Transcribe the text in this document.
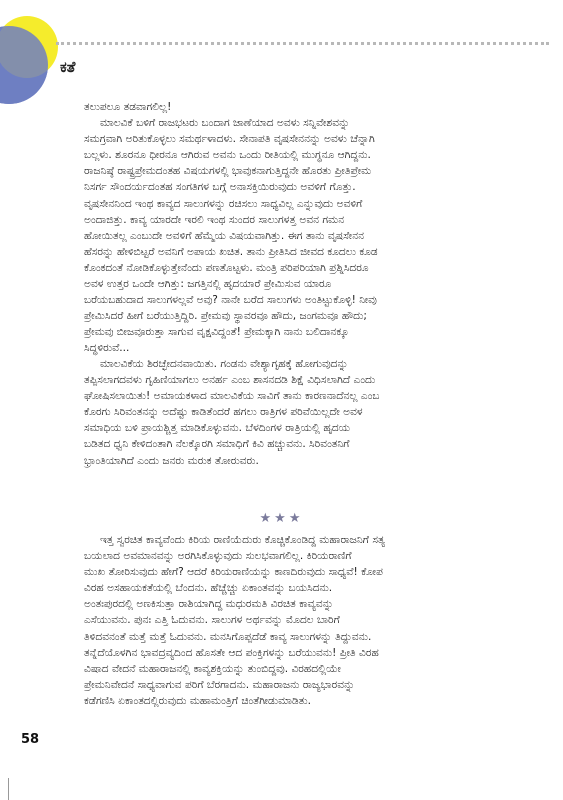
ಕತೆ
ತಲುಪಲೂ ತಡವಾಗಲಿಲ್ಲ!
ಮಾಲವಿಕೆ ಬಳಿಗೆ ರಾಜಭಟರು ಬಂದಾಗ ಜಾಣೆಯಾದ ಅವಳು ಸನ್ನಿವೇಶವನ್ನು
ಸಮಗ್ರವಾಗಿ ಅರಿತುಕೊಳ್ಳಲು ಸಮರ್ಥಳಾದಳು. ಸೇನಾಪತಿ ವೃಷಸೇನನನ್ನು ಅವಳು ಚೆನ್ನಾಗಿ
ಬಲ್ಲಳು. ಶೂರನೂ ಧೀರನೂ ಆಗಿರುವ ಅವನು ಒಂದು ರೀತಿಯಲ್ಲಿ ಮುಗ್ಧನೂ ಆಗಿದ್ದನು.
ರಾಜನಿಷ್ಠೆ ರಾಷ್ಟ್ರಪ್ರೇಮದಂತಹ ವಿಷಯಗಳಲ್ಲಿ ಭಾವುಕನಾಗುತ್ತಿದ್ದನೇ ಹೊರತು ಪ್ರೀತಿಪ್ರೇಮ
ನಿಸರ್ಗ ಸೌಂದರ್ಯದಂತಹ ಸಂಗತಿಗಳ ಬಗ್ಗೆ ಅನಾಸಕ್ತಿಯಿರುವುದು ಅವಳಿಗೆ ಗೊತ್ತು.
ವೃಷಸೇನನಿಂದ ಇಂಥ ಕಾವ್ಯದ ಸಾಲುಗಳನ್ನು ರಚಿಸಲು ಸಾಧ್ಯವಿಲ್ಲ ಎನ್ನುವುದು ಅವಳಿಗೆ
ಅಂದಾಜಿತ್ತು. ಕಾವ್ಯ ಯಾರದೇ ಇರಲಿ ಇಂಥ ಸುಂದರ ಸಾಲುಗಳತ್ತ ಅವನ ಗಮನ
ಹೋಯಿತಲ್ಲ ಎಂಬುದೇ ಅವಳಿಗೆ ಹೆಮ್ಮೆಯ ವಿಷಯವಾಗಿತ್ತು. ಈಗ ತಾನು ವೃಷಸೇನನ
ಹೆಸರನ್ನು ಹೇಳಿಬಿಟ್ಟರೆ ಅವನಿಗೆ ಅಪಾಯ ಖಚಿತ. ತಾನು ಪ್ರೀತಿಸಿದ ಜೀವದ ಕೂದಲು ಕೂಡ
ಕೊಂಕದಂತೆ ನೋಡಿಕೊಳ್ಳುತ್ತೇನೆಂದು ಪಣತೊಟ್ಟಳು. ಮಂತ್ರಿ ಪರಿಪರಿಯಾಗಿ ಪ್ರಶ್ನಿಸಿದರೂ
ಅವಳ ಉತ್ತರ ಒಂದೇ ಆಗಿತ್ತು: ಜಗತ್ತಿನಲ್ಲಿ ಹೃದಯಾರೆ ಪ್ರೇಮಿಸುವ ಯಾರೂ
ಬರೆಯಬಹುದಾದ ಸಾಲುಗಳಲ್ಲವೆ ಅವು? ನಾನೇ ಬರೆದ ಸಾಲುಗಳು ಅಂತಿಟ್ಟುಕೊಳ್ಳಿ! ನೀವು
ಪ್ರೇಮಿಸಿದರೆ ಹೀಗೆ ಬರೆಯುತ್ತಿದ್ದಿರಿ. ಪ್ರೇಮವು ಸ್ಥಾವರವೂ ಹೌದು, ಜಂಗಮವೂ ಹೌದು;
ಪ್ರೇಮವು ಬೀಜವೂರುತ್ತಾ ಸಾಗುವ ವೃಕ್ಷವಿದ್ದಂತೆ! ಪ್ರೇಮಕ್ಕಾಗಿ ನಾನು ಬಲಿದಾನಕ್ಕೂ
ಸಿದ್ಧಳಿರುವೆ...
ಮಾಲವಿಕೆಯ ಶಿರಚ್ಛೇದನವಾಯಿತು. ಗಂಡನು ವೇಶ್ಯಾಗೃಹಕ್ಕೆ ಹೋಗುವುದನ್ನು
ತಪ್ಪಿಸಲಾಗದವಳು ಗೃಹಿಣಿಯಾಗಲು ಅನರ್ಹ ಎಂಬ ಶಾಸನದಡಿ ಶಿಕ್ಷೆ ವಿಧಿಸಲಾಗಿದೆ ಎಂದು
ಘೋಷಿಸಲಾಯಿತು! ಅಮಾಯಕಳಾದ ಮಾಲವಿಕೆಯ ಸಾವಿಗೆ ತಾನು ಕಾರಣನಾದೆನಲ್ಲ ಎಂಬ
ಕೊರಗು ಸಿರಿವಂತನನ್ನು ಅದೆಷ್ಟು ಕಾಡಿತೆಂದರೆ ಹಗಲು ರಾತ್ರಿಗಳ ಪರಿವೆಯಿಲ್ಲದೇ ಅವಳ
ಸಮಾಧಿಯ ಬಳಿ ಪ್ರಾಯಶ್ಚಿತ್ತ ಮಾಡಿಕೊಳ್ಳುವನು. ಬೆಳದಿಂಗಳ ರಾತ್ರಿಯಲ್ಲಿ ಹೃದಯ
ಬಡಿತದ ಧ್ವನಿ ಕೇಳಿದಂತಾಗಿ ನೆಲಕ್ಕೊರಗಿ ಸಮಾಧಿಗೆ ಕಿವಿ ಹಚ್ಚುವನು. ಸಿರಿವಂತನಿಗೆ
ಭ್ರಾಂತಿಯಾಗಿದೆ ಎಂದು ಜನರು ಮರುಕ ತೋರುವರು.
★★★
ಇತ್ತ ಸ್ವರಚಿತ ಕಾವ್ಯವೆಂದು ಕಿರಿಯ ರಾಣಿಯೆದುರು ಕೊಚ್ಚಿಕೊಂಡಿದ್ದ ಮಹಾರಾಜನಿಗೆ ಸತ್ಯ
ಬಯಲಾದ ಅವಮಾನವನ್ನು ಅರಗಿಸಿಕೊಳ್ಳುವುದು ಸುಲಭವಾಗಲಿಲ್ಲ. ಕಿರಿಯರಾಣಿಗೆ
ಮುಖ ತೋರಿಸುವುದು ಹೇಗೆ? ಆದರೆ ಕಿರಿಯರಾಣಿಯನ್ನು ಕಾಣದಿರುವುದು ಸಾಧ್ಯವೆ! ಕೋಪ
ವಿರಹ ಅಸಹಾಯಕತೆಯಲ್ಲಿ ಬೆಂದನು. ಹೆಚ್ಚೆಚ್ಚು ಏಕಾಂತವನ್ನು ಬಯಸಿದನು.
ಅಂತಃಪುರದಲ್ಲಿ ಅಣಕಿಸುತ್ತಾ ರಾಶಿಯಾಗಿದ್ದ ಮಧುರಮತಿ ವಿರಚಿತ ಕಾವ್ಯವನ್ನು
ಎಸೆಯುವನು. ಪುನಃ ಎತ್ತಿ ಓದುವನು. ಸಾಲುಗಳ ಅರ್ಥವನ್ನು ಮೊದಲ ಬಾರಿಗೆ
ತಿಳಿದವನಂತೆ ಮತ್ತೆ ಮತ್ತೆ ಓದುವನು. ಮನಸಿಗೊಪ್ಪದೆಡೆ ಕಾವ್ಯ ಸಾಲುಗಳನ್ನು ತಿದ್ದುವನು.
ತನ್ನೆದೆಯೊಳಗಿನ ಭಾವದ್ರವ್ಯದಿಂದ ಹೊಸತೇ ಆದ ಪಂಕ್ತಿಗಳನ್ನು ಬರೆಯುವನು! ಪ್ರೀತಿ ವಿರಹ
ವಿಷಾದ ವೇದನೆ ಮಹಾರಾಜನಲ್ಲಿ ಕಾವ್ಯಶಕ್ತಿಯನ್ನು ತುಂಬಿದ್ದವು. ವಿರಹದಲ್ಲಿಯೇ
ಪ್ರೇಮನಿವೇದನೆ ಸಾಧ್ಯವಾಗುವ ಪರಿಗೆ ಬೆರಗಾದನು. ಮಹಾರಾಜನು ರಾಜ್ಯಭಾರವನ್ನು
ಕಡೆಗಣಿಸಿ ಏಕಾಂತದಲ್ಲಿರುವುದು ಮಹಾಮಂತ್ರಿಗೆ ಚಿಂತೆಗೀಡುಮಾಡಿತು.
58
